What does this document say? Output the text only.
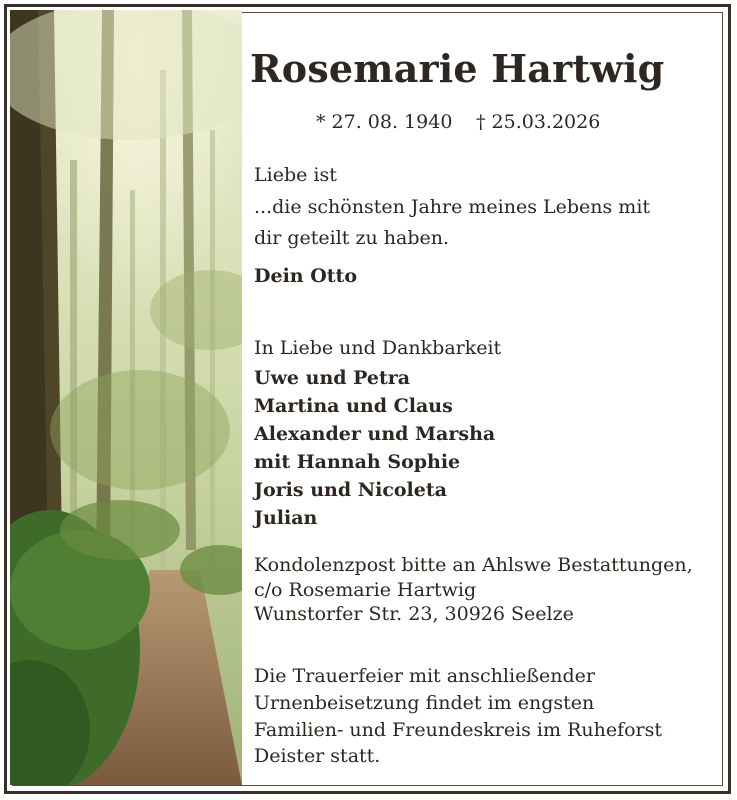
Rosemarie Hartwig
* 27. 08. 1940 † 25.03.2026
Liebe ist
...die schönsten Jahre meines Lebens mit
dir geteilt zu haben.
Dein Otto
In Liebe und Dankbarkeit
Uwe und Petra
Martina und Claus
Alexander und Marsha
mit Hannah Sophie
Joris und Nicoleta
Julian
Kondolenzpost bitte an Ahlswe Bestattungen,
c/o Rosemarie Hartwig
Wunstorfer Str. 23, 30926 Seelze
Die Trauerfeier mit anschließender
Urnenbeisetzung findet im engsten
Familien- und Freundeskreis im Ruheforst
Deister statt.
